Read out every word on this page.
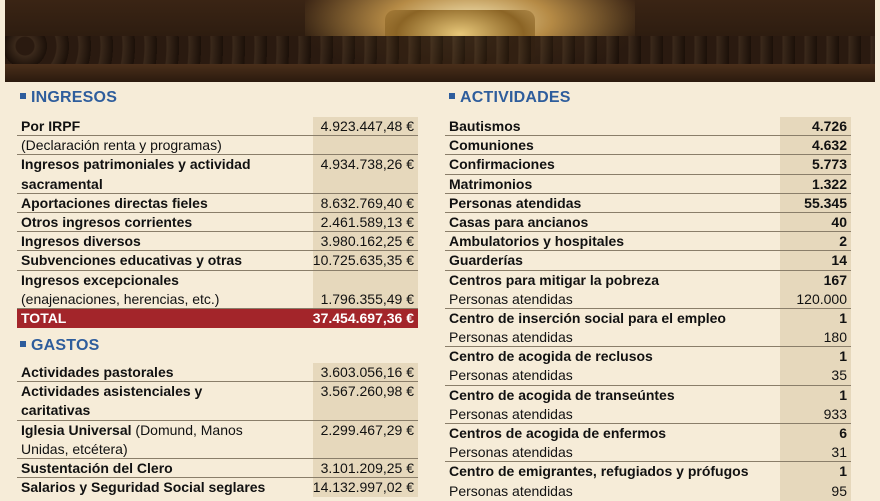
INGRESOS
Por IRPF	4.923.447,48 €
(Declaración renta y programas)
Ingresos patrimoniales y actividad	4.934.738,26 €
sacramental
Aportaciones directas fieles	8.632.769,40 €
Otros ingresos corrientes	2.461.589,13 €
Ingresos diversos	3.980.162,25 €
Subvenciones educativas y otras	10.725.635,35 €
Ingresos excepcionales
(enajenaciones, herencias, etc.)	1.796.355,49 €
TOTAL	37.454.697,36 €
GASTOS
Actividades pastorales	3.603.056,16 €
Actividades asistenciales y	3.567.260,98 €
caritativas
Iglesia Universal (Domund, Manos	2.299.467,29 €
Unidas, etcétera)
Sustentación del Clero	3.101.209,25 €
Salarios y Seguridad Social seglares	14.132.997,02 €
ACTIVIDADES
Bautismos	4.726
Comuniones	4.632
Confirmaciones	5.773
Matrimonios	1.322
Personas atendidas	55.345
Casas para ancianos	40
Ambulatorios y hospitales	2
Guarderías	14
Centros para mitigar la pobreza	167
Personas atendidas	120.000
Centro de inserción social para el empleo	1
Personas atendidas	180
Centro de acogida de reclusos	1
Personas atendidas	35
Centro de acogida de transeúntes	1
Personas atendidas	933
Centros de acogida de enfermos	6
Personas atendidas	31
Centro de emigrantes, refugiados y prófugos	1
Personas atendidas	95
